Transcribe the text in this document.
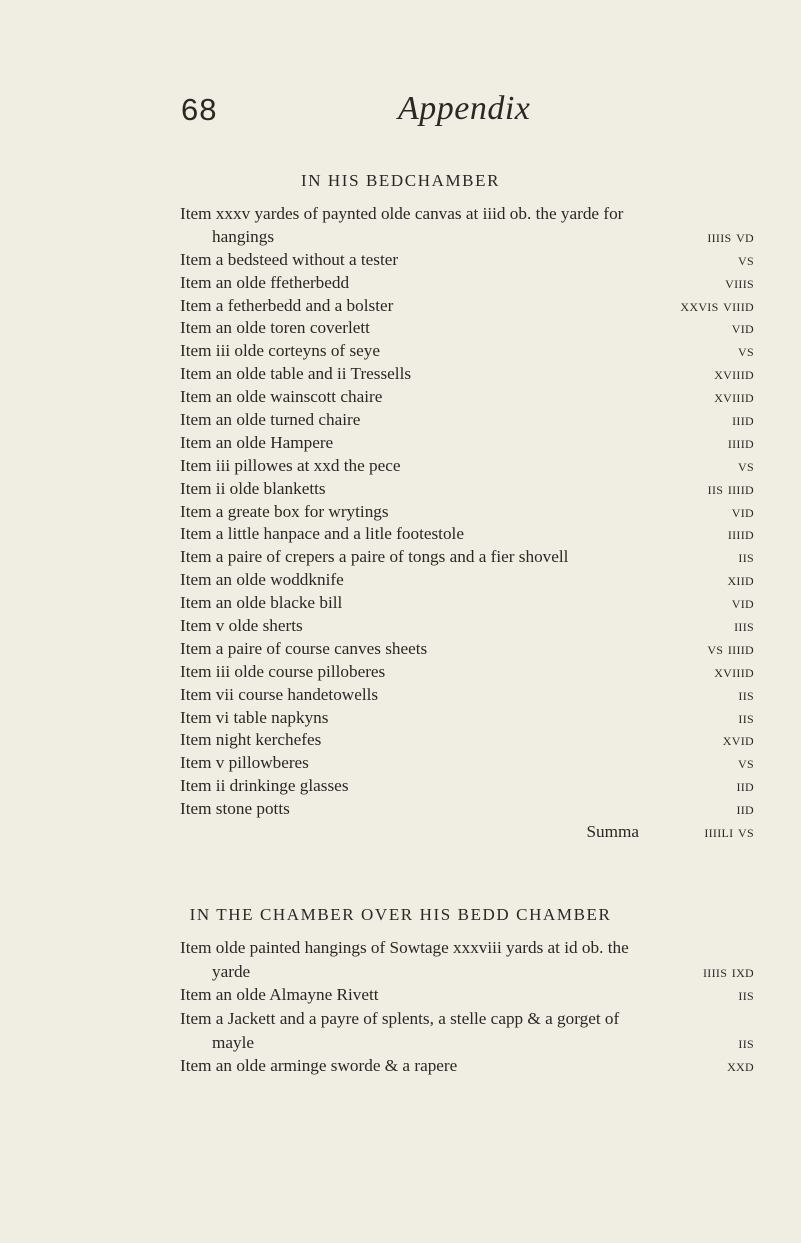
68	Appendix
IN HIS BEDCHAMBER
Item xxxv yardes of paynted olde canvas at iiid ob. the yarde for
hangings	iiiis vd
Item a bedsteed without a tester	vs
Item an olde ffetherbedd	viiis
Item a fetherbedd and a bolster	xxvis viiid
Item an olde toren coverlett	vid
Item iii olde corteyns of seye	vs
Item an olde table and ii Tressells	xviiid
Item an olde wainscott chaire	xviiid
Item an olde turned chaire	iiid
Item an olde Hampere	iiiid
Item iii pillowes at xxd the pece	vs
Item ii olde blanketts	iis iiiid
Item a greate box for wrytings	vid
Item a little hanpace and a litle footestole	iiiid
Item a paire of crepers a paire of tongs and a fier shovell	iis
Item an olde woddknife	xiid
Item an olde blacke bill	vid
Item v olde sherts	iiis
Item a paire of course canves sheets	vs iiiid
Item iii olde course pilloberes	xviiid
Item vii course handetowells	iis
Item vi table napkyns	iis
Item night kerchefes	xvid
Item v pillowberes	vs
Item ii drinkinge glasses	iid
Item stone potts	iid
Summa	iiiili vs
IN THE CHAMBER OVER HIS BEDD CHAMBER
Item olde painted hangings of Sowtage xxxviii yards at id ob. the
yarde	iiiis ixd
Item an olde Almayne Rivett	iis
Item a Jackett and a payre of splents, a stelle capp & a gorget of
mayle	iis
Item an olde arminge sworde & a rapere	xxd
